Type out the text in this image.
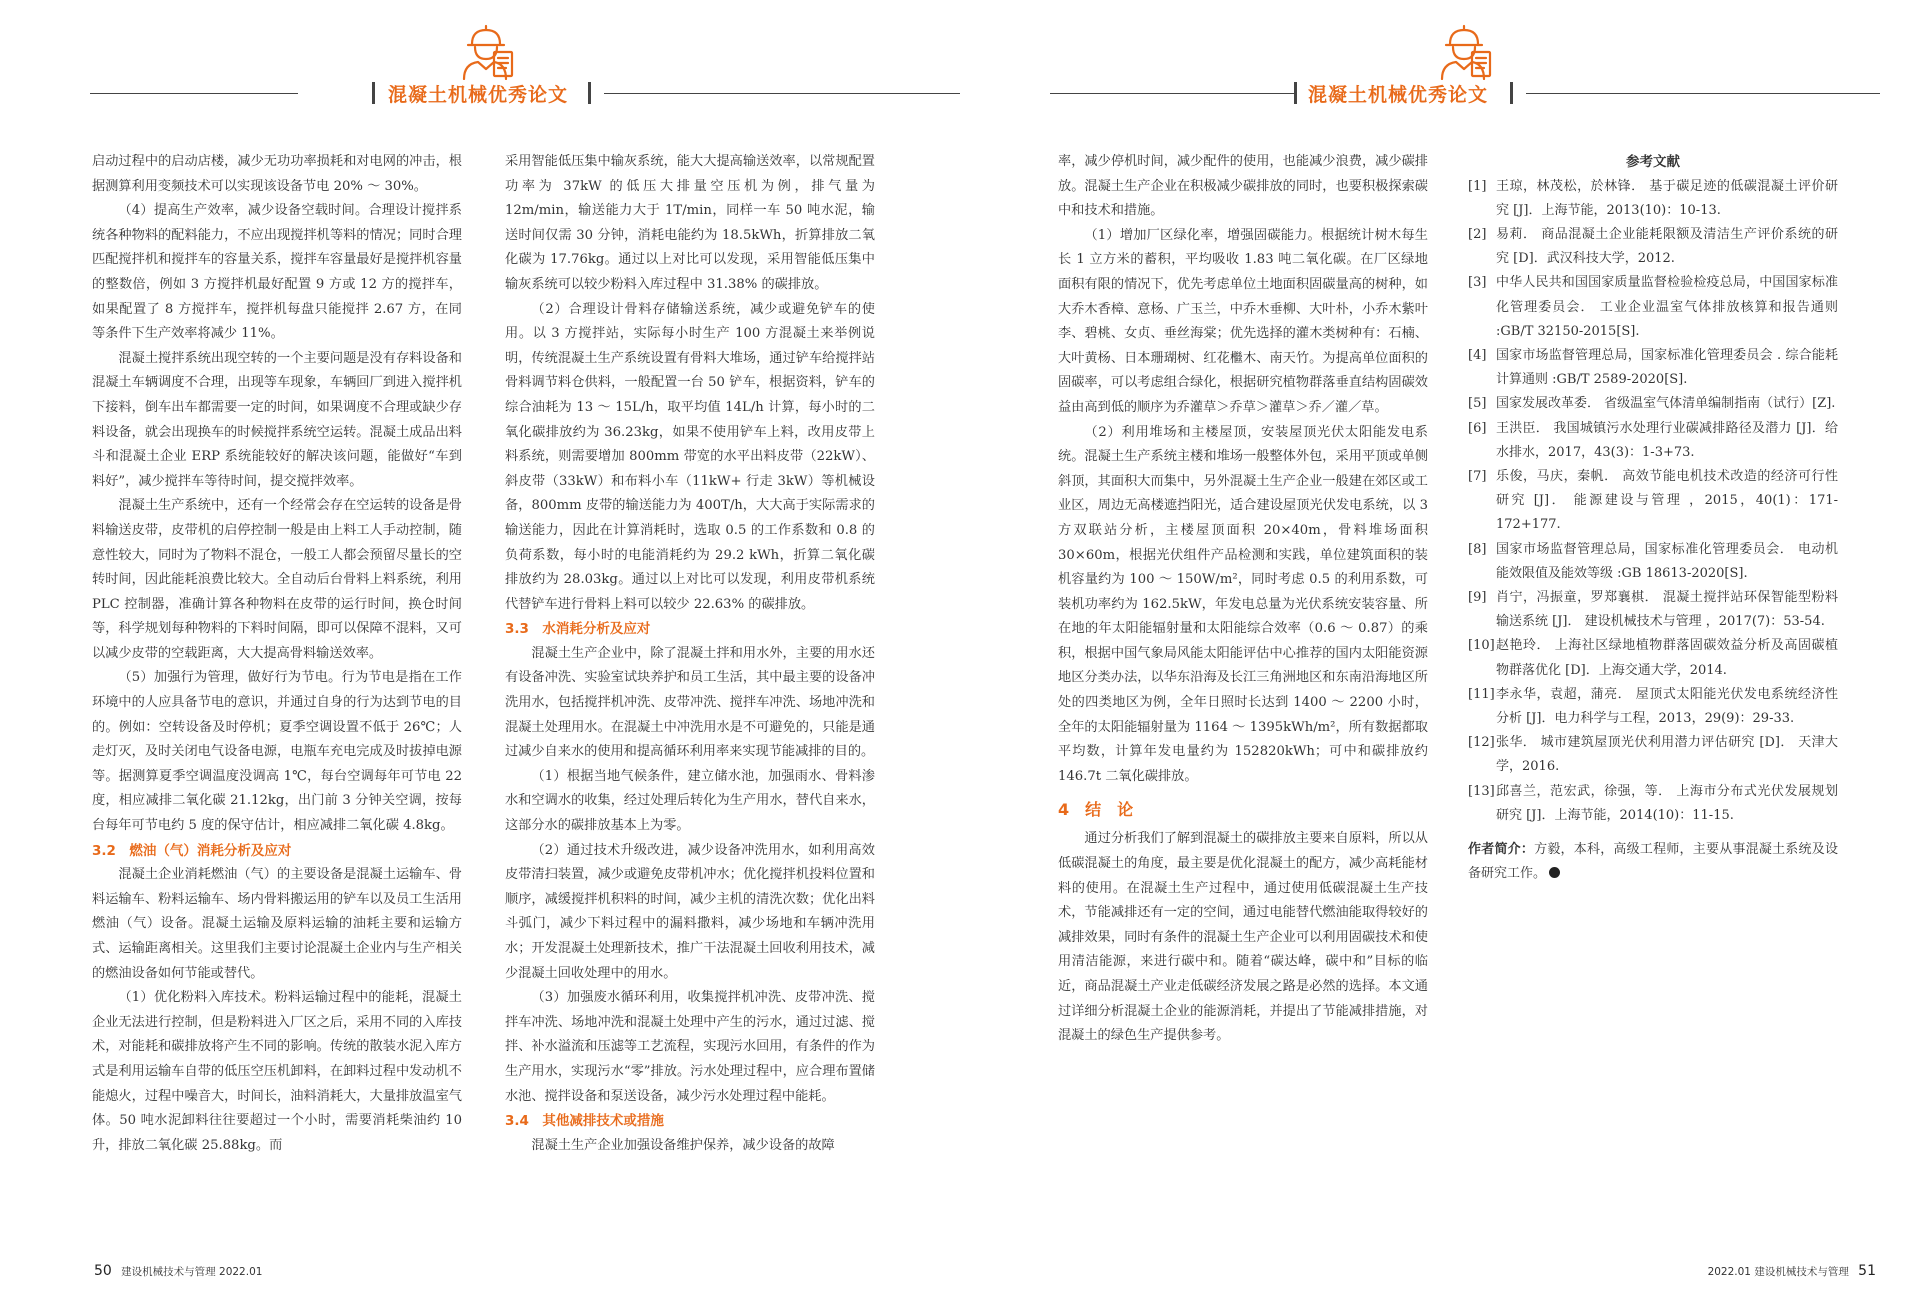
混凝土机械优秀论文

启动过程中的启动店楼，减少无功功率损耗和对电网的冲击，根据测算利用变频技术可以实现该设备节电 20% ～ 30%。

（4）提高生产效率，减少设备空载时间。合理设计搅拌系统各种物料的配料能力，不应出现搅拌机等料的情况；同时合理匹配搅拌机和搅拌车的容量关系，搅拌车容量最好是搅拌机容量的整数倍，例如 3 方搅拌机最好配置 9 方或 12 方的搅拌车，如果配置了 8 方搅拌车，搅拌机每盘只能搅拌 2.67 方，在同等条件下生产效率将减少 11%。

混凝土搅拌系统出现空转的一个主要问题是没有存料设备和混凝土车辆调度不合理，出现等车现象，车辆回厂到进入搅拌机下接料，倒车出车都需要一定的时间，如果调度不合理或缺少存料设备，就会出现换车的时候搅拌系统空运转。混凝土成品出料斗和混凝土企业 ERP 系统能较好的解决该问题，能做好“车到料好”，减少搅拌车等待时间，提交搅拌效率。

混凝土生产系统中，还有一个经常会存在空运转的设备是骨料输送皮带，皮带机的启停控制一般是由上料工人手动控制，随意性较大，同时为了物料不混仓，一般工人都会预留尽量长的空转时间，因此能耗浪费比较大。全自动后台骨料上料系统，利用 PLC 控制器，准确计算各种物料在皮带的运行时间，换仓时间等，科学规划每种物料的下料时间隔，即可以保障不混料，又可以减少皮带的空载距离，大大提高骨料输送效率。

（5）加强行为管理，做好行为节电。行为节电是指在工作环境中的人应具备节电的意识，并通过自身的行为达到节电的目的。例如：空转设备及时停机；夏季空调设置不低于 26℃；人走灯灭，及时关闭电气设备电源，电瓶车充电完成及时拔掉电源等。据测算夏季空调温度没调高 1℃，每台空调每年可节电 22 度，相应减排二氧化碳 21.12kg，出门前 3 分钟关空调，按每台每年可节电约 5 度的保守估计，相应减排二氧化碳 4.8kg。

3.2　燃油（气）消耗分析及应对

混凝土企业消耗燃油（气）的主要设备是混凝土运输车、骨料运输车、粉料运输车、场内骨料搬运用的铲车以及员工生活用燃油（气）设备。混凝土运输及原料运输的油耗主要和运输方式、运输距离相关。这里我们主要讨论混凝土企业内与生产相关的燃油设备如何节能或替代。

（1）优化粉料入库技术。粉料运输过程中的能耗，混凝土企业无法进行控制，但是粉料进入厂区之后，采用不同的入库技术，对能耗和碳排放将产生不同的影响。传统的散装水泥入库方式是利用运输车自带的低压空压机卸料，在卸料过程中发动机不能熄火，过程中噪音大，时间长，油料消耗大，大量排放温室气体。50 吨水泥卸料往往要超过一个小时，需要消耗柴油约 10 升，排放二氧化碳 25.88kg。而

采用智能低压集中输灰系统，能大大提高输送效率，以常规配置功率为 37kW 的低压大排量空压机为例，排气量为 12m/min，输送能力大于 1T/min，同样一车 50 吨水泥，输送时间仅需 30 分钟，消耗电能约为 18.5kWh，折算排放二氧化碳为 17.76kg。通过以上对比可以发现，采用智能低压集中输灰系统可以较少粉料入库过程中 31.38% 的碳排放。

（2）合理设计骨料存储输送系统，减少或避免铲车的使用。以 3 方搅拌站，实际每小时生产 100 方混凝土来举例说明，传统混凝土生产系统设置有骨料大堆场，通过铲车给搅拌站骨料调节料仓供料，一般配置一台 50 铲车，根据资料，铲车的综合油耗为 13 ～ 15L/h，取平均值 14L/h 计算，每小时的二氧化碳排放约为 36.23kg，如果不使用铲车上料，改用皮带上料系统，则需要增加 800mm 带宽的水平出料皮带（22kW）、斜皮带（33kW）和布料小车（11kW+ 行走 3kW）等机械设备，800mm 皮带的输送能力为 400T/h，大大高于实际需求的输送能力，因此在计算消耗时，选取 0.5 的工作系数和 0.8 的负荷系数，每小时的电能消耗约为 29.2 kWh，折算二氧化碳排放约为 28.03kg。通过以上对比可以发现，利用皮带机系统代替铲车进行骨料上料可以较少 22.63% 的碳排放。

3.3　水消耗分析及应对

混凝土生产企业中，除了混凝土拌和用水外，主要的用水还有设备冲洗、实验室试块养护和员工生活，其中最主要的设备冲洗用水，包括搅拌机冲洗、皮带冲洗、搅拌车冲洗、场地冲洗和混凝土处理用水。在混凝土中冲洗用水是不可避免的，只能是通过减少自来水的使用和提高循环利用率来实现节能减排的目的。

（1）根据当地气候条件，建立储水池，加强雨水、骨料渗水和空调水的收集，经过处理后转化为生产用水，替代自来水，这部分水的碳排放基本上为零。

（2）通过技术升级改进，减少设备冲洗用水，如利用高效皮带清扫装置，减少或避免皮带机冲水；优化搅拌机投料位置和顺序，减缓搅拌机积料的时间，减少主机的清洗次数；优化出料斗弧门，减少下料过程中的漏料撒料，减少场地和车辆冲洗用水；开发混凝土处理新技术，推广干法混凝土回收利用技术，减少混凝土回收处理中的用水。

（3）加强废水循环利用，收集搅拌机冲洗、皮带冲洗、搅拌车冲洗、场地冲洗和混凝土处理中产生的污水，通过过滤、搅拌、补水溢流和压滤等工艺流程，实现污水回用，有条件的作为生产用水，实现污水“零”排放。污水处理过程中，应合理布置储水池、搅拌设备和泵送设备，减少污水处理过程中能耗。

3.4　其他减排技术或措施

混凝土生产企业加强设备维护保养，减少设备的故障

50 建设机械技术与管理 2022.01
混凝土机械优秀论文

率，减少停机时间，减少配件的使用，也能减少浪费，减少碳排放。混凝土生产企业在积极减少碳排放的同时，也要积极探索碳中和技术和措施。

（1）增加厂区绿化率，增强固碳能力。根据统计树木每生长 1 立方米的蓄积，平均吸收 1.83 吨二氧化碳。在厂区绿地面积有限的情况下，优先考虑单位土地面积固碳量高的树种，如大乔木香樟、意杨、广玉兰，中乔木垂柳、大叶朴，小乔木紫叶李、碧桃、女贞、垂丝海棠；优先选择的灌木类树种有：石楠、大叶黄杨、日本珊瑚树、红花檵木、南天竹。为提高单位面积的固碳率，可以考虑组合绿化，根据研究植物群落垂直结构固碳效益由高到低的顺序为乔灌草＞乔草＞灌草＞乔／灌／草。

（2）利用堆场和主楼屋顶，安装屋顶光伏太阳能发电系统。混凝土生产系统主楼和堆场一般整体外包，采用平顶或单侧斜顶，其面积大而集中，另外混凝土生产企业一般建在郊区或工业区，周边无高楼遮挡阳光，适合建设屋顶光伏发电系统，以 3 方双联站分析，主楼屋顶面积 20×40m，骨料堆场面积 30×60m，根据光伏组件产品检测和实践，单位建筑面积的装机容量约为 100 ～ 150W/m²，同时考虑 0.5 的利用系数，可装机功率约为 162.5kW，年发电总量为光伏系统安装容量、所在地的年太阳能辐射量和太阳能综合效率（0.6 ～ 0.87）的乘积，根据中国气象局风能太阳能评估中心推荐的国内太阳能资源地区分类办法，以华东沿海及长江三角洲地区和东南沿海地区所处的四类地区为例，全年日照时长达到 1400 ～ 2200 小时，全年的太阳能辐射量为 1164 ～ 1395kWh/m²，所有数据都取平均数，计算年发电量约为 152820kWh；可中和碳排放约 146.7t 二氧化碳排放。

4　结　论

通过分析我们了解到混凝土的碳排放主要来自原料，所以从低碳混凝土的角度，最主要是优化混凝土的配方，减少高耗能材料的使用。在混凝土生产过程中，通过使用低碳混凝土生产技术，节能减排还有一定的空间，通过电能替代燃油能取得较好的减排效果，同时有条件的混凝土生产企业可以利用固碳技术和使用清洁能源，来进行碳中和。随着“碳达峰，碳中和”目标的临近，商品混凝土产业走低碳经济发展之路是必然的选择。本文通过详细分析混凝土企业的能源消耗，并提出了节能减排措施，对混凝土的绿色生产提供参考。

参考文献
[1] 王琼，林茂松，於林锋． 基于碳足迹的低碳混凝土评价研究 [J]．上海节能，2013(10)：10-13.
[2] 易莉． 商品混凝土企业能耗限额及清洁生产评价系统的研究 [D]．武汉科技大学，2012.
[3] 中华人民共和国国家质量监督检验检疫总局，中国国家标准化管理委员会． 工业企业温室气体排放核算和报告通则 :GB/T 32150-2015[S].
[4] 国家市场监督管理总局，国家标准化管理委员会 . 综合能耗计算通则 :GB/T 2589-2020[S].
[5] 国家发展改革委． 省级温室气体清单编制指南（试行）[Z].
[6] 王洪臣． 我国城镇污水处理行业碳减排路径及潜力 [J]．给水排水，2017，43(3)：1-3+73.
[7] 乐俊，马庆，秦帆． 高效节能电机技术改造的经济可行性研究 [J]． 能源建设与管理 ，2015，40(1)：171-172+177.
[8] 国家市场监督管理总局，国家标准化管理委员会． 电动机能效限值及能效等级 :GB 18613-2020[S].
[9] 肖宁，冯振童，罗郑襄棋． 混凝土搅拌站环保智能型粉料输送系统 [J]． 建设机械技术与管理 ，2017(7)：53-54.
[10] 赵艳玲． 上海社区绿地植物群落固碳效益分析及高固碳植物群落优化 [D]．上海交通大学，2014.
[11] 李永华，袁超，蒲亮． 屋顶式太阳能光伏发电系统经济性分析 [J]．电力科学与工程，2013，29(9)：29-33.
[12] 张华． 城市建筑屋顶光伏利用潜力评估研究 [D]． 天津大学，2016.
[13] 邱喜兰，范宏武，徐强，等． 上海市分布式光伏发展规划研究 [J]．上海节能，2014(10)：11-15.
作者简介：方毅，本科，高级工程师，主要从事混凝土系统及设备研究工作。
2022.01 建设机械技术与管理 51
